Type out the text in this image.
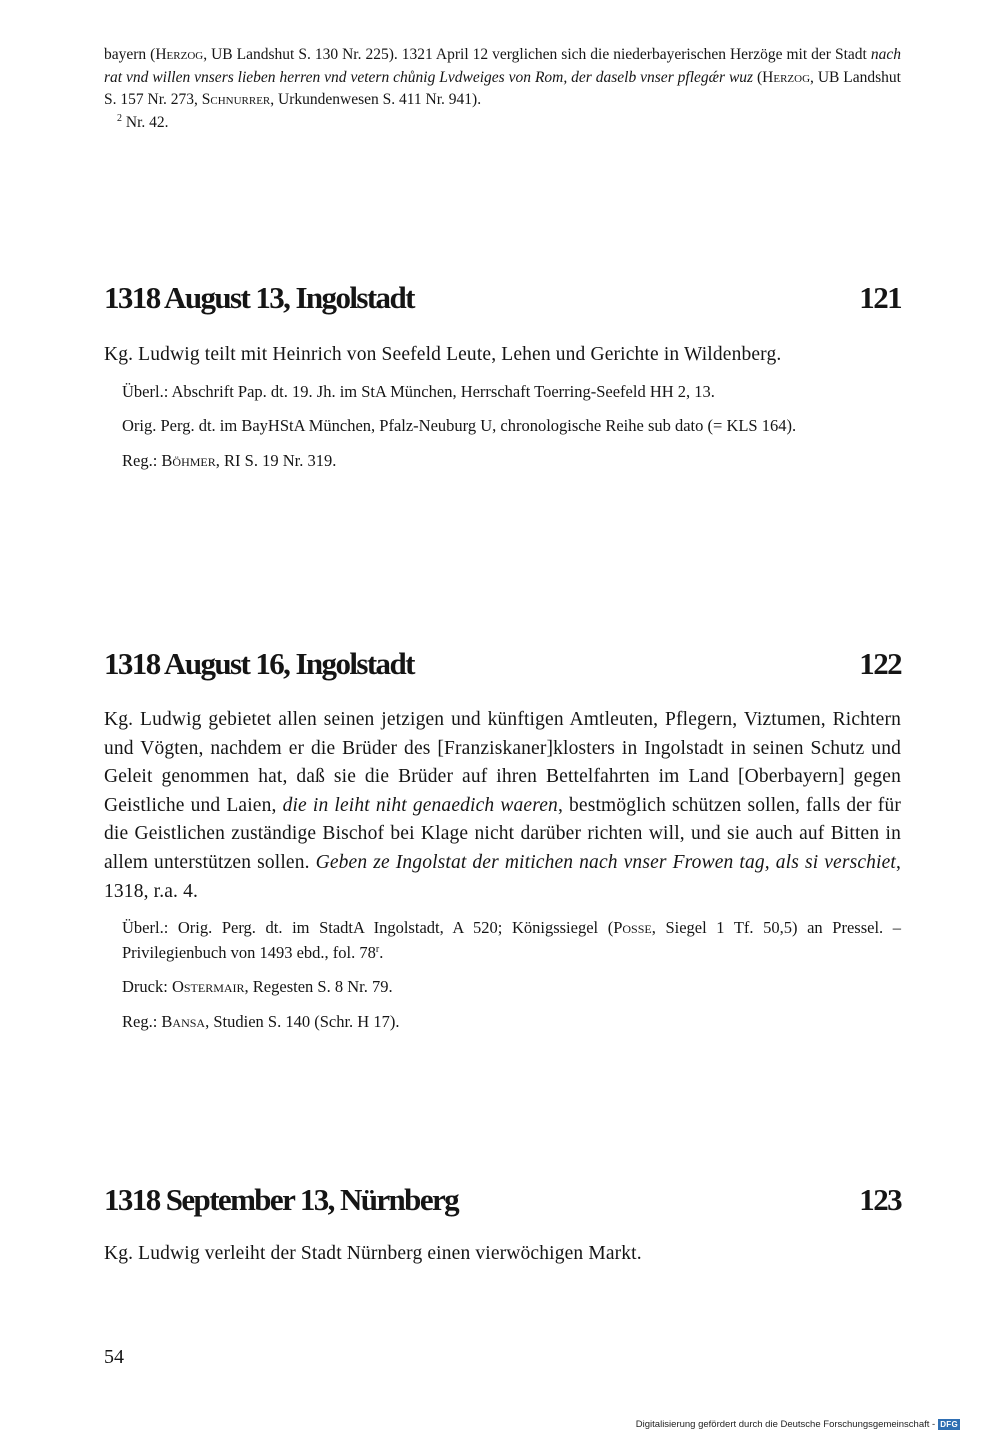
bayern (Herzog, UB Landshut S. 130 Nr. 225). 1321 April 12 verglichen sich die niederbayerischen Herzöge mit der Stadt nach rat vnd willen vnsers lieben herren vnd vetern chůnig Lvdweiges von Rom, der daselb vnser pflegǽr wuz (Herzog, UB Landshut S. 157 Nr. 273, Schnurrer, Urkundenwesen S. 411 Nr. 941).

$^2$ Nr. 42.

1318 August 13, Ingolstadt	121

Kg. Ludwig teilt mit Heinrich von Seefeld Leute, Lehen und Gerichte in Wildenberg.

Überl.: Abschrift Pap. dt. 19. Jh. im StA München, Herrschaft Toerring-Seefeld HH 2, 13.

Orig. Perg. dt. im BayHStA München, Pfalz-Neuburg U, chronologische Reihe sub dato (= KLS 164).

Reg.: Böhmer, RI S. 19 Nr. 319.

1318 August 16, Ingolstadt	122

Kg. Ludwig gebietet allen seinen jetzigen und künftigen Amtleuten, Pflegern, Viztumen, Richtern und Vögten, nachdem er die Brüder des [Franziskaner]klosters in Ingolstadt in seinen Schutz und Geleit genommen hat, daß sie die Brüder auf ihren Bettelfahrten im Land [Oberbayern] gegen Geistliche und Laien, die in leiht niht genaedich waeren, bestmöglich schützen sollen, falls der für die Geistlichen zuständige Bischof bei Klage nicht darüber richten will, und sie auch auf Bitten in allem unterstützen sollen. Geben ze Ingolstat der mitichen nach vnser Frowen tag, als si verschiet, 1318, r.a. 4.

Überl.: Orig. Perg. dt. im StadtA Ingolstadt, A 520; Königssiegel (Posse, Siegel 1 Tf. 50,5) an Pressel. – Privilegienbuch von 1493 ebd., fol. 78$^r$.

Druck: Ostermair, Regesten S. 8 Nr. 79.

Reg.: Bansa, Studien S. 140 (Schr. H 17).

1318 September 13, Nürnberg	123

Kg. Ludwig verleiht der Stadt Nürnberg einen vierwöchigen Markt.

54
Digitalisierung gefördert durch die Deutsche Forschungsgemeinschaft - DFG
